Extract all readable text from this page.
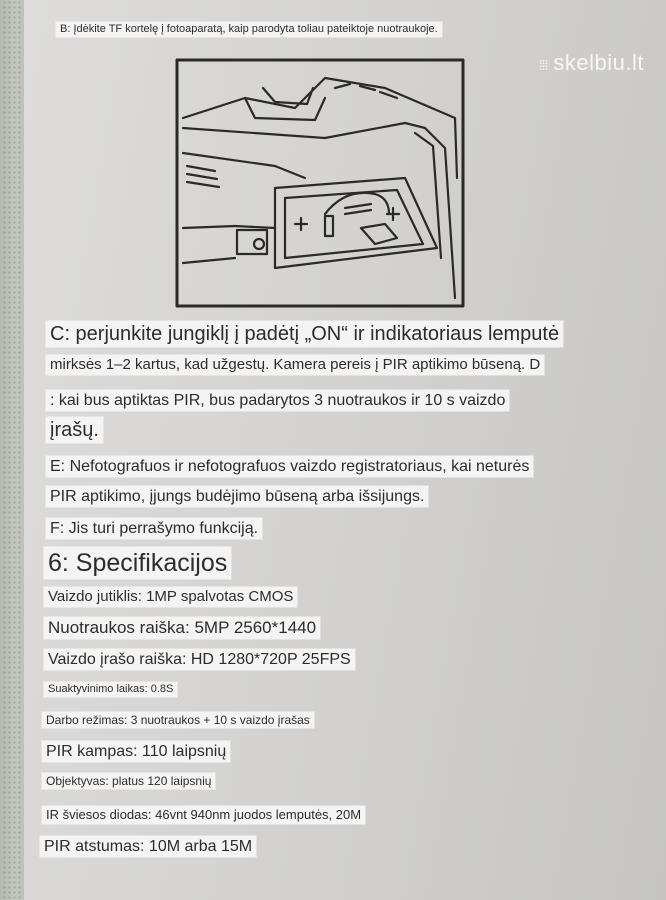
⁞⁞⁞ skelbiu.lt
B: Įdėkite TF kortelę į fotoaparatą, kaip parodyta toliau pateiktoje nuotraukoje.
C: perjunkite jungiklį į padėtį „ON“ ir indikatoriaus lemputė
mirksės 1–2 kartus, kad užgestų. Kamera pereis į PIR aptikimo būseną. D
: kai bus aptiktas PIR, bus padarytos 3 nuotraukos ir 10 s vaizdo
įrašų.
E: Nefotografuos ir nefotografuos vaizdo registratoriaus, kai neturės
PIR aptikimo, įjungs budėjimo būseną arba išsijungs.
F: Jis turi perrašymo funkciją.
6: Specifikacijos
Vaizdo jutiklis: 1MP spalvotas CMOS
Nuotraukos raiška: 5MP 2560*1440
Vaizdo įrašo raiška: HD 1280*720P 25FPS
Suaktyvinimo laikas: 0.8S
Darbo režimas: 3 nuotraukos + 10 s vaizdo įrašas
PIR kampas: 110 laipsnių
Objektyvas: platus 120 laipsnių
IR šviesos diodas: 46vnt 940nm juodos lemputės, 20M
PIR atstumas: 10M arba 15M
